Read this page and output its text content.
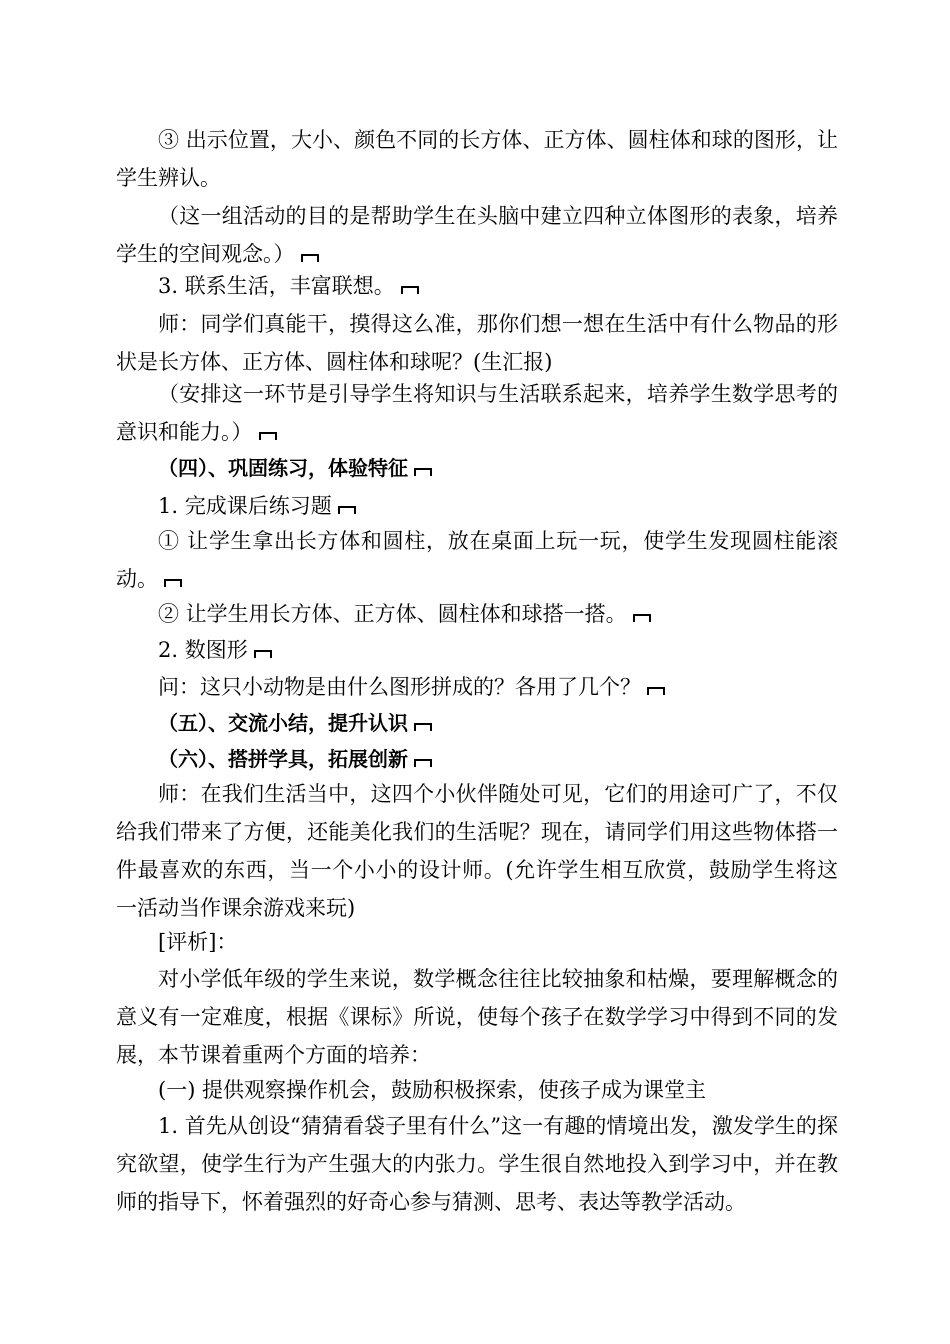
③ 出示位置，大小、颜色不同的长方体、正方体、圆柱体和球的图形，让学生辨认。

（这一组活动的目的是帮助学生在头脑中建立四种立体图形的表象，培养学生的空间观念。）

3. 联系生活，丰富联想。

师：同学们真能干，摸得这么准，那你们想一想在生活中有什么物品的形状是长方体、正方体、圆柱体和球呢？(生汇报)

（安排这一环节是引导学生将知识与生活联系起来，培养学生数学思考的意识和能力。）

（四）、巩固练习，体验特征

1. 完成课后练习题

① 让学生拿出长方体和圆柱，放在桌面上玩一玩，使学生发现圆柱能滚动。

② 让学生用长方体、正方体、圆柱体和球搭一搭。

2. 数图形

问：这只小动物是由什么图形拼成的？各用了几个？

（五）、交流小结，提升认识

（六）、搭拼学具，拓展创新

师：在我们生活当中，这四个小伙伴随处可见，它们的用途可广了，不仅给我们带来了方便，还能美化我们的生活呢？现在，请同学们用这些物体搭一件最喜欢的东西，当一个小小的设计师。(允许学生相互欣赏，鼓励学生将这一活动当作课余游戏来玩)

[评析]：

对小学低年级的学生来说，数学概念往往比较抽象和枯燥，要理解概念的意义有一定难度，根据《课标》所说，使每个孩子在数学学习中得到不同的发展，本节课着重两个方面的培养：

(一) 提供观察操作机会，鼓励积极探索，使孩子成为课堂主

1. 首先从创设“猜猜看袋子里有什么”这一有趣的情境出发，激发学生的探究欲望，使学生行为产生强大的内张力。学生很自然地投入到学习中，并在教师的指导下，怀着强烈的好奇心参与猜测、思考、表达等教学活动。
